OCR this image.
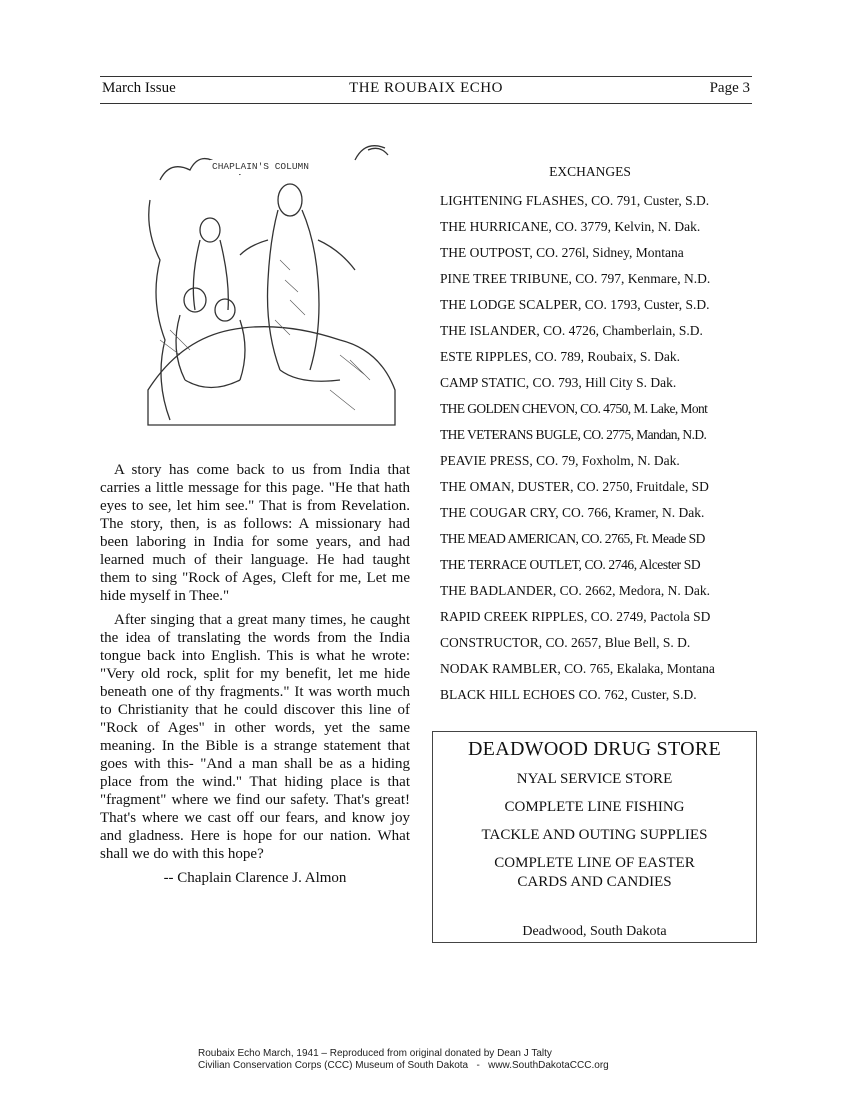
March Issue	THE ROUBAIX ECHO	Page 3
CHAPLAIN'S COLUMN

A story has come back to us from India that carries a little message for this page. "He that hath eyes to see, let him see." That is from Revelation. The story, then, is as follows: A missionary had been laboring in India for some years, and had learned much of their language. He had taught them to sing "Rock of Ages, Cleft for me, Let me hide myself in Thee."

After singing that a great many times, he caught the idea of translating the words from the India tongue back into English. This is what he wrote: "Very old rock, split for my benefit, let me hide beneath one of thy fragments." It was worth much to Christianity that he could discover this line of "Rock of Ages" in other words, yet the same meaning. In the Bible is a strange statement that goes with this- "And a man shall be as a hiding place from the wind." That hiding place is that "fragment" where we find our safety. That's great! That's where we cast off our fears, and know joy and gladness. Here is hope for our nation. What shall we do with this hope?

-- Chaplain Clarence J. Almon

EXCHANGES
LIGHTENING FLASHES, CO. 791, Custer, S.D.
THE HURRICANE, CO. 3779, Kelvin, N. Dak.
THE OUTPOST, CO. 276l, Sidney, Montana
PINE TREE TRIBUNE, CO. 797, Kenmare, N.D.
THE LODGE SCALPER, CO. 1793, Custer, S.D.
THE ISLANDER, CO. 4726, Chamberlain, S.D.
ESTE RIPPLES, CO. 789, Roubaix, S. Dak.
CAMP STATIC, CO. 793, Hill City S. Dak.
THE GOLDEN CHEVON, CO. 4750, M. Lake, Mont
THE VETERANS BUGLE, CO. 2775, Mandan, N.D.
PEAVIE PRESS, CO. 79, Foxholm, N. Dak.
THE OMAN, DUSTER, CO. 2750, Fruitdale, SD
THE COUGAR CRY, CO. 766, Kramer, N. Dak.
THE MEAD AMERICAN, CO. 2765, Ft. Meade SD
THE TERRACE OUTLET, CO. 2746, Alcester SD
THE BADLANDER, CO. 2662, Medora, N. Dak.
RAPID CREEK RIPPLES, CO. 2749, Pactola SD
CONSTRUCTOR, CO. 2657, Blue Bell, S. D.
NODAK RAMBLER, CO. 765, Ekalaka, Montana
BLACK HILL ECHOES CO. 762, Custer, S.D.
DEADWOOD DRUG STORE
NYAL SERVICE STORE
COMPLETE LINE FISHING
TACKLE AND OUTING SUPPLIES
COMPLETE LINE OF EASTER CARDS AND CANDIES
Deadwood, South Dakota
Roubaix Echo March, 1941 – Reproduced from original donated by Dean J Talty
Civilian Conservation Corps (CCC) Museum of South Dakota   -   www.SouthDakotaCCC.org
